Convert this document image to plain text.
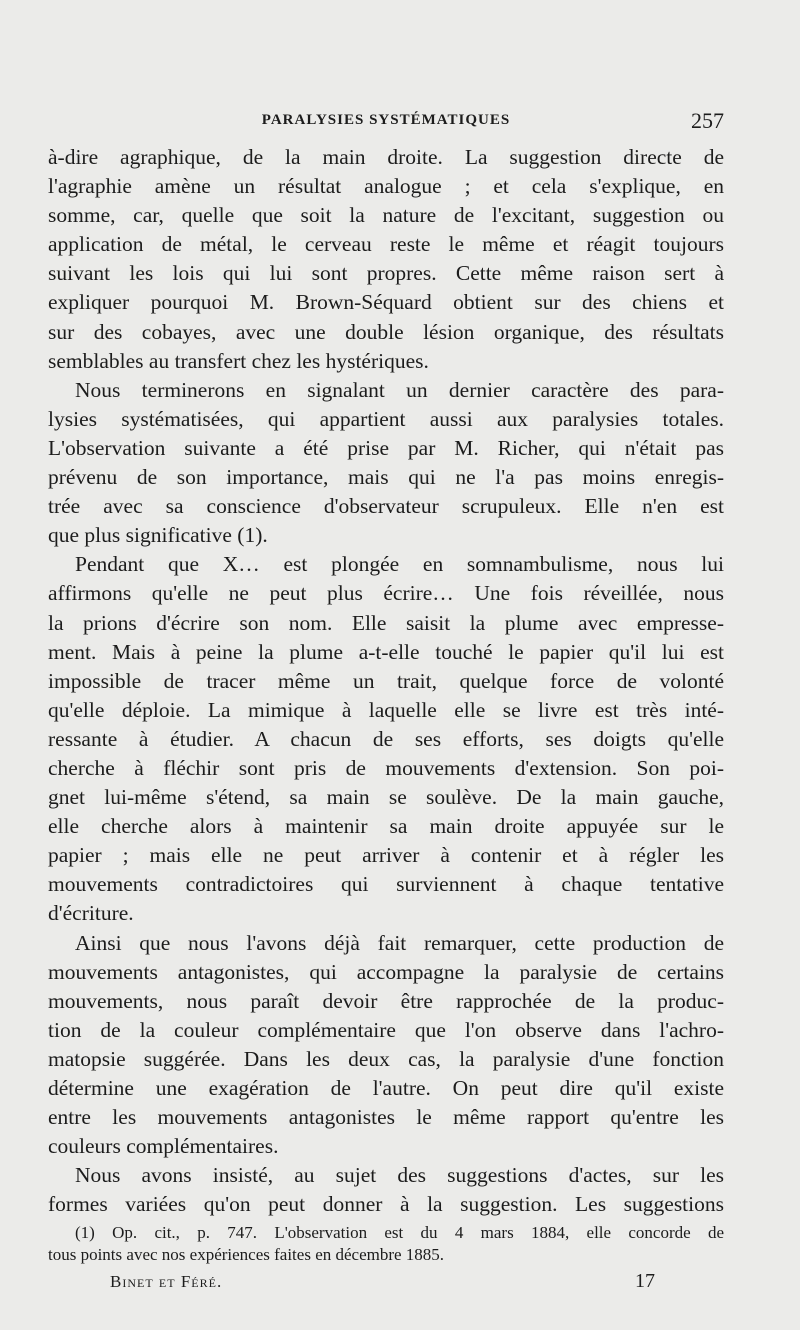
PARALYSIES SYSTÉMATIQUES	257
à-dire agraphique, de la main droite. La suggestion directe de
l'agraphie amène un résultat analogue ; et cela s'explique, en
somme, car, quelle que soit la nature de l'excitant, suggestion ou
application de métal, le cerveau reste le même et réagit toujours
suivant les lois qui lui sont propres. Cette même raison sert à
expliquer pourquoi M. Brown-Séquard obtient sur des chiens et
sur des cobayes, avec une double lésion organique, des résultats
semblables au transfert chez les hystériques.
Nous terminerons en signalant un dernier caractère des para-
lysies systématisées, qui appartient aussi aux paralysies totales.
L'observation suivante a été prise par M. Richer, qui n'était pas
prévenu de son importance, mais qui ne l'a pas moins enregis-
trée avec sa conscience d'observateur scrupuleux. Elle n'en est
que plus significative (1).
Pendant que X… est plongée en somnambulisme, nous lui
affirmons qu'elle ne peut plus écrire… Une fois réveillée, nous
la prions d'écrire son nom. Elle saisit la plume avec empresse-
ment. Mais à peine la plume a-t-elle touché le papier qu'il lui est
impossible de tracer même un trait, quelque force de volonté
qu'elle déploie. La mimique à laquelle elle se livre est très inté-
ressante à étudier. A chacun de ses efforts, ses doigts qu'elle
cherche à fléchir sont pris de mouvements d'extension. Son poi-
gnet lui-même s'étend, sa main se soulève. De la main gauche,
elle cherche alors à maintenir sa main droite appuyée sur le
papier ; mais elle ne peut arriver à contenir et à régler les
mouvements contradictoires qui surviennent à chaque tentative
d'écriture.
Ainsi que nous l'avons déjà fait remarquer, cette production de
mouvements antagonistes, qui accompagne la paralysie de certains
mouvements, nous paraît devoir être rapprochée de la produc-
tion de la couleur complémentaire que l'on observe dans l'achro-
matopsie suggérée. Dans les deux cas, la paralysie d'une fonction
détermine une exagération de l'autre. On peut dire qu'il existe
entre les mouvements antagonistes le même rapport qu'entre les
couleurs complémentaires.
Nous avons insisté, au sujet des suggestions d'actes, sur les
formes variées qu'on peut donner à la suggestion. Les suggestions
(1) Op. cit., p. 747. L'observation est du 4 mars 1884, elle concorde de
tous points avec nos expériences faites en décembre 1885.
Binet et Féré.	17
